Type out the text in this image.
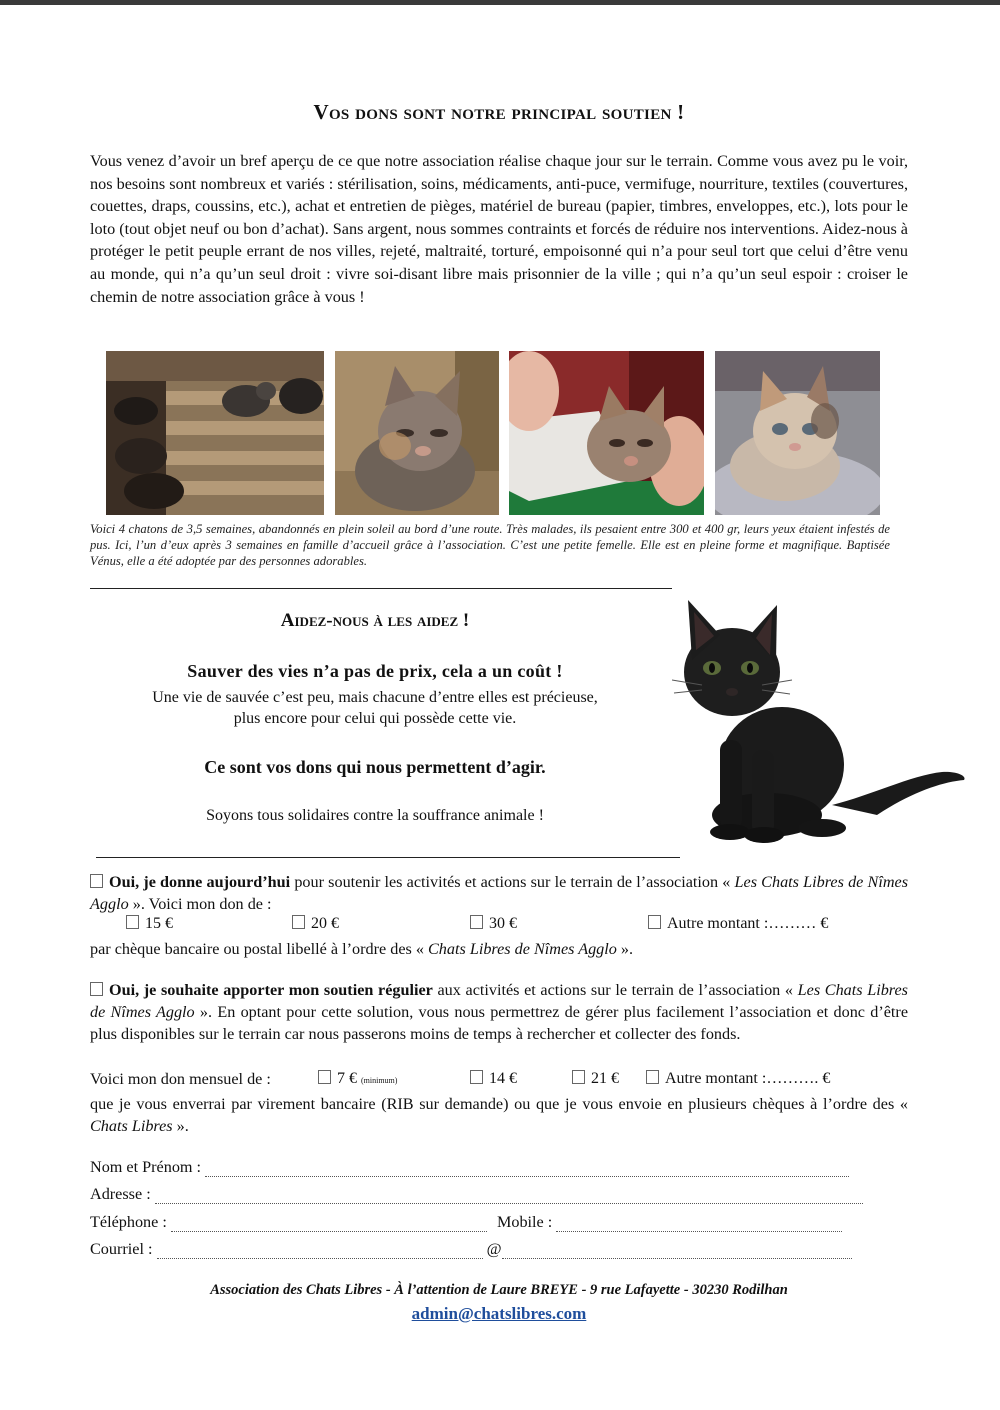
Vos dons sont notre principal soutien !
Vous venez d’avoir un bref aperçu de ce que notre association réalise chaque jour sur le terrain. Comme vous avez pu le voir, nos besoins sont nombreux et variés : stérilisation, soins, médicaments, anti-puce, vermifuge, nourriture, textiles (couvertures, couettes, draps, coussins, etc.), achat et entretien de pièges, matériel de bureau (papier, timbres, enveloppes, etc.), lots pour le loto (tout objet neuf ou bon d’achat). Sans argent, nous sommes contraints et forcés de réduire nos interventions. Aidez-nous à protéger le petit peuple errant de nos villes, rejeté, maltraité, torturé, empoisonné qui n’a pour seul tort que celui d’être venu au monde, qui n’a qu’un seul droit : vivre soi-disant libre mais prisonnier de la ville ; qui n’a qu’un seul espoir : croiser le chemin de notre association grâce à vous !
Voici 4 chatons de 3,5 semaines, abandonnés en plein soleil au bord d’une route. Très malades, ils pesaient entre 300 et 400 gr, leurs yeux étaient infestés de pus. Ici, l’un d’eux après 3 semaines en famille d’accueil grâce à l’association. C’est une petite femelle. Elle est en pleine forme et magnifique. Baptisée Vénus, elle a été adoptée par des personnes adorables.
Aidez-nous à les aidez !
Sauver des vies n’a pas de prix, cela a un coût !
Une vie de sauvée c’est peu, mais chacune d’entre elles est précieuse,
plus encore pour celui qui possède cette vie.
Ce sont vos dons qui nous permettent d’agir.
Soyons tous solidaires contre la souffrance animale !
Oui, je donne aujourd’hui pour soutenir les activités et actions sur le terrain de l’association « Les Chats Libres de Nîmes Agglo ». Voici mon don de :
15 €	20 €	30 €	Autre montant :……… €
par chèque bancaire ou postal libellé à l’ordre des « Chats Libres de Nîmes Agglo ».
Oui, je souhaite apporter mon soutien régulier aux activités et actions sur le terrain de l’association « Les Chats Libres de Nîmes Agglo ». En optant pour cette solution, vous nous permettrez de gérer plus facilement l’association et donc d’être plus disponibles sur le terrain car nous passerons moins de temps à rechercher et collecter des fonds.
Voici mon don mensuel de :	7 € (minimum)	14 €	21 €	Autre montant :………. €
que je vous enverrai par virement bancaire (RIB sur demande) ou que je vous envoie en plusieurs chèques à l’ordre des « Chats Libres ».
Nom et Prénom :
Adresse :
Téléphone :	Mobile :
Courriel :	@
Association des Chats Libres - À l’attention de Laure BREYE - 9 rue Lafayette - 30230 Rodilhan
admin@chatslibres.com
